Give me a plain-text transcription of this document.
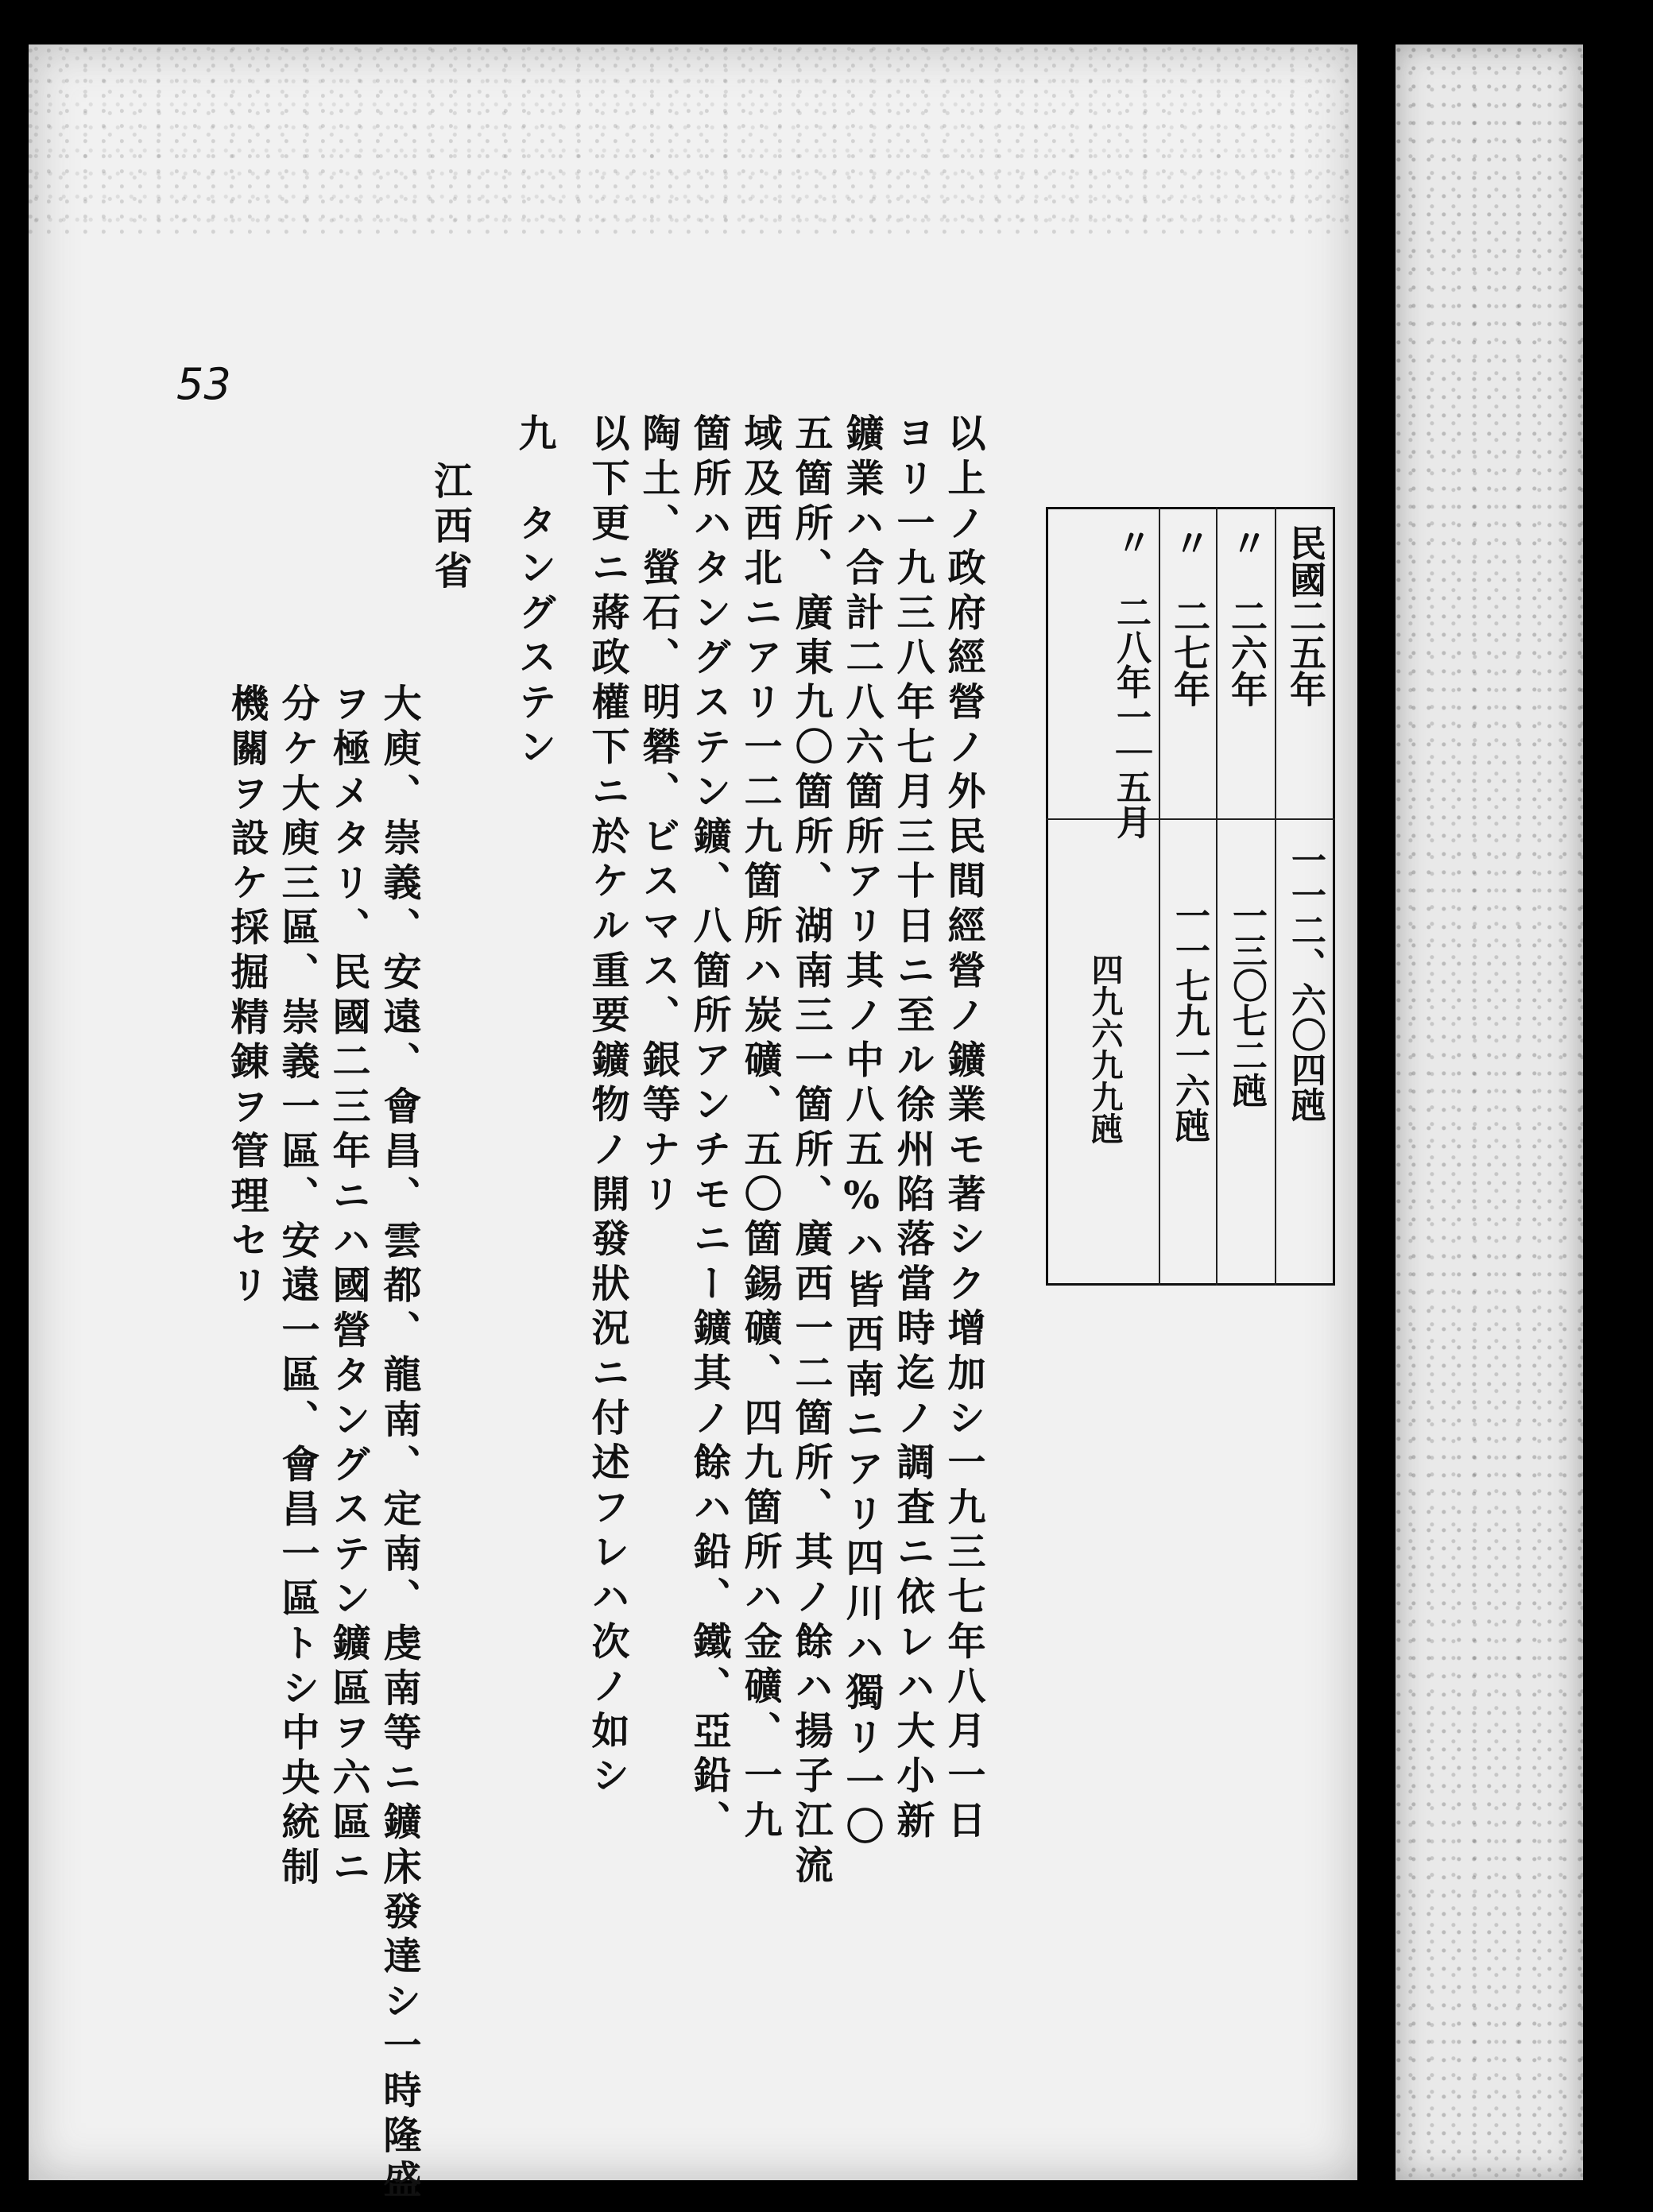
53
民國二五年
一一二、六〇四瓲
〃　二六年
一三〇七二瓲
〃　二七年
一一七九一六瓲
〃　二八年一｜五月
四九六九九瓲
以上ノ政府經營ノ外民間經營ノ鑛業モ著シク增加シ一九三七年八月一日
ヨリ一九三八年七月三十日ニ至ル徐州陷落當時迄ノ調査ニ依レハ大小新
鑛業ハ合計二八六箇所アリ其ノ中八五%ハ皆西南ニアリ四川ハ獨リ一〇
五箇所、廣東九〇箇所、湖南三一箇所、廣西一二箇所、其ノ餘ハ揚子江流
域及西北ニアリ一二九箇所ハ炭礦、五〇箇錫礦、四九箇所ハ金礦、一九
箇所ハタングステン鑛、八箇所アンチモニー鑛其ノ餘ハ鉛、鐵、亞鉛、
陶土、螢石、明礬、ビスマス、銀等ナリ
以下更ニ蔣政權下ニ於ケル重要鑛物ノ開發狀況ニ付述フレハ次ノ如シ
九　タングステン
江西省
大庾、崇義、安遠、會昌、雲都、龍南、定南、虔南等ニ鑛床發達シ一時隆盛
ヲ極メタリ、民國二三年ニハ國營タングステン鑛區ヲ六區ニ
分ケ大庾三區、崇義一區、安遠一區、會昌一區トシ中央統制
機關ヲ設ケ採掘精錬ヲ管理セリ
